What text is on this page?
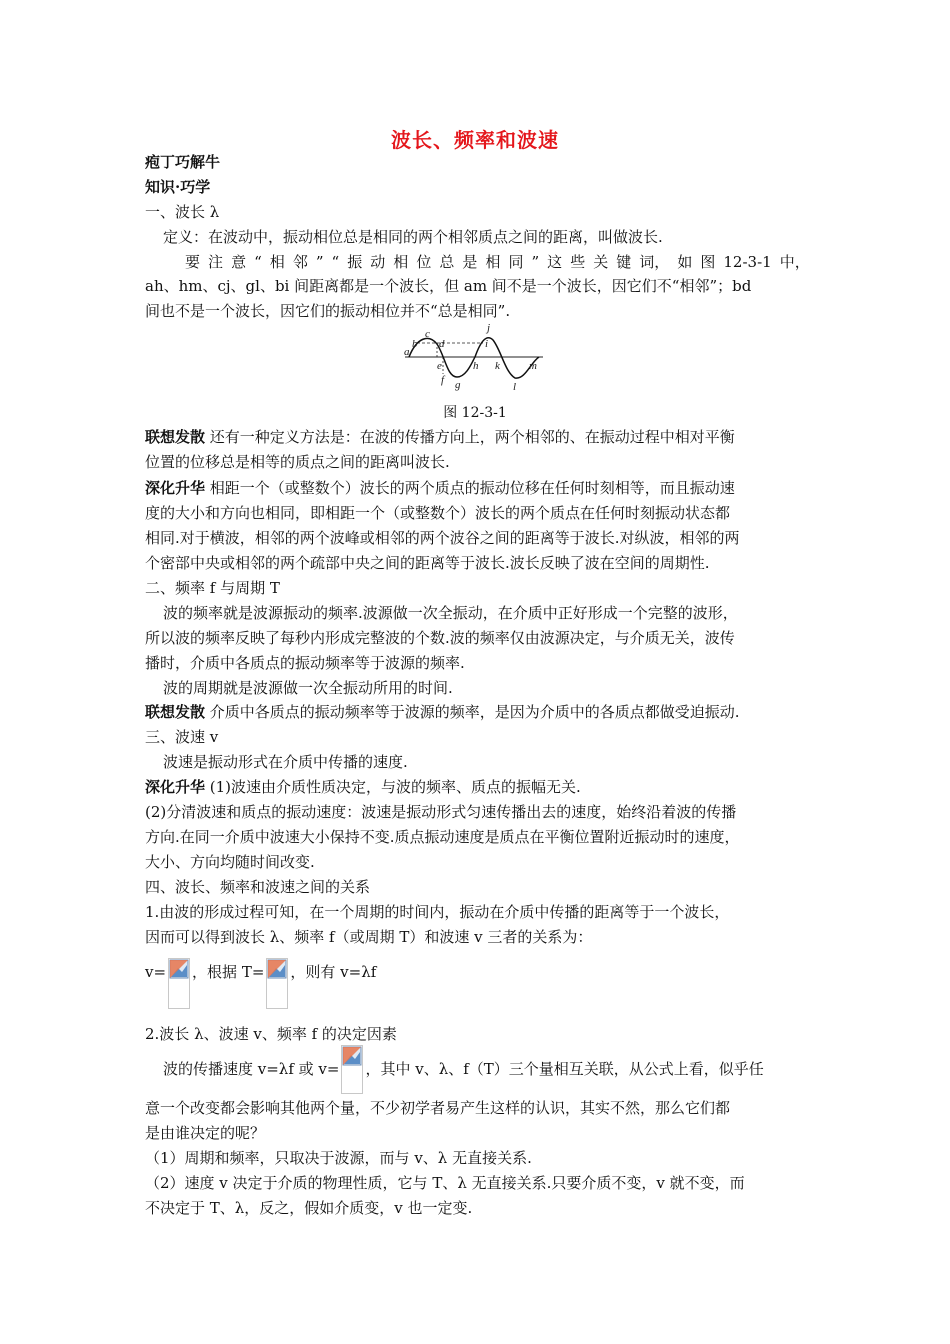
波长、频率和波速
疱丁巧解牛
知识·巧学
一、波长 λ
定义：在波动中，振动相位总是相同的两个相邻质点之间的距离，叫做波长.
要 注 意 “ 相 邻 ” “ 振 动 相 位 总 是 相 同 ” 这 些 关 键 词， 如 图 12-3-1 中，
ah、hm、cj、gl、bi 间距离都是一个波长，但 am 间不是一个波长，因它们不“相邻”；bd
间也不是一个波长，因它们的振动相位并不“总是相同”.
a
b
c
d
e
f g
h
i
j
k
l
m
图 12-3-1
联想发散 还有一种定义方法是：在波的传播方向上，两个相邻的、在振动过程中相对平衡
位置的位移总是相等的质点之间的距离叫波长.
深化升华 相距一个（或整数个）波长的两个质点的振动位移在任何时刻相等，而且振动速
度的大小和方向也相同，即相距一个（或整数个）波长的两个质点在任何时刻振动状态都
相同.对于横波，相邻的两个波峰或相邻的两个波谷之间的距离等于波长.对纵波，相邻的两
个密部中央或相邻的两个疏部中央之间的距离等于波长.波长反映了波在空间的周期性.
二、频率 f 与周期 T
波的频率就是波源振动的频率.波源做一次全振动，在介质中正好形成一个完整的波形，
所以波的频率反映了每秒内形成完整波的个数.波的频率仅由波源决定，与介质无关，波传
播时，介质中各质点的振动频率等于波源的频率.
波的周期就是波源做一次全振动所用的时间.
联想发散 介质中各质点的振动频率等于波源的频率，是因为介质中的各质点都做受迫振动.
三、波速 v
波速是振动形式在介质中传播的速度.
深化升华 (1)波速由介质性质决定，与波的频率、质点的振幅无关.
(2)分清波速和质点的振动速度：波速是振动形式匀速传播出去的速度，始终沿着波的传播
方向.在同一介质中波速大小保持不变.质点振动速度是质点在平衡位置附近振动时的速度，
大小、方向均随时间改变.
四、波长、频率和波速之间的关系
1.由波的形成过程可知，在一个周期的时间内，振动在介质中传播的距离等于一个波长，
因而可以得到波长 λ、频率 f（或周期 T）和波速 v 三者的关系为：
v= ，根据 T= ，则有 v=λf
2.波长 λ、波速 v、频率 f 的决定因素
波的传播速度 v=λf 或 v= ，其中 v、λ、f（T）三个量相互关联，从公式上看，似乎任
意一个改变都会影响其他两个量，不少初学者易产生这样的认识，其实不然，那么它们都
是由谁决定的呢？
（1）周期和频率，只取决于波源，而与 v、λ 无直接关系.
（2）速度 v 决定于介质的物理性质，它与 T、λ 无直接关系.只要介质不变，v 就不变，而
不决定于 T、λ，反之，假如介质变，v 也一定变.
